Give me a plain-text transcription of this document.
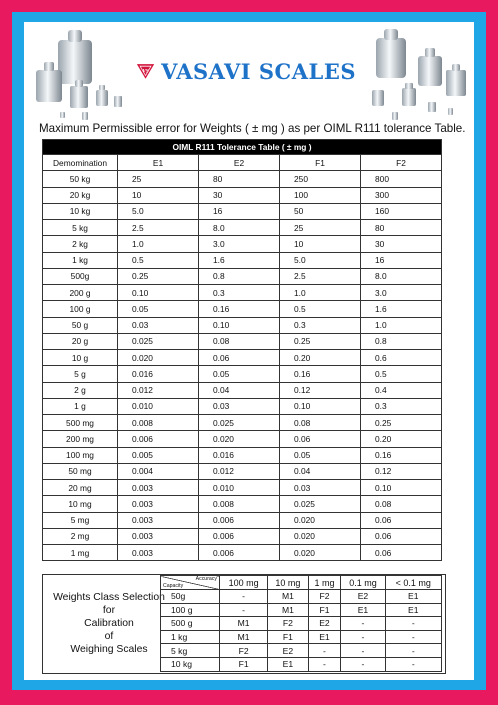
VS VASAVI SCALES
Maximum Permissible error for Weights ( ± mg ) as per OIML R111 tolerance Table.
OIML R111 Tolerance Table ( ± mg )				
Demomination	E1	E2	F1	F2
50 kg	25	80	250	800
20 kg	10	30	100	300
10 kg	5.0	16	50	160
5 kg	2.5	8.0	25	80
2 kg	1.0	3.0	10	30
1 kg	0.5	1.6	5.0	16
500g	0.25	0.8	2.5	8.0
200 g	0.10	0.3	1.0	3.0
100 g	0.05	0.16	0.5	1.6
50 g	0.03	0.10	0.3	1.0
20 g	0.025	0.08	0.25	0.8
10 g	0.020	0.06	0.20	0.6
5 g	0.016	0.05	0.16	0.5
2 g	0.012	0.04	0.12	0.4
1 g	0.010	0.03	0.10	0.3
500 mg	0.008	0.025	0.08	0.25
200 mg	0.006	0.020	0.06	0.20
100 mg	0.005	0.016	0.05	0.16
50 mg	0.004	0.012	0.04	0.12
20 mg	0.003	0.010	0.03	0.10
10 mg	0.003	0.008	0.025	0.08
5 mg	0.003	0.006	0.020	0.06
2 mg	0.003	0.006	0.020	0.06
1 mg	0.003	0.006	0.020	0.06
Weights Class Selection
for
Calibration
of
Weighing Scales
Accuracy
Capacity	100 mg	10 mg	1 mg	0.1 mg	< 0.1 mg
50g	-	M1	F2	E2	E1
100 g	-	M1	F1	E1	E1
500 g	M1	F2	E2	-	-
1 kg	M1	F1	E1	-	-
5 kg	F2	E2	-	-	-
10 kg	F1	E1	-	-	-
